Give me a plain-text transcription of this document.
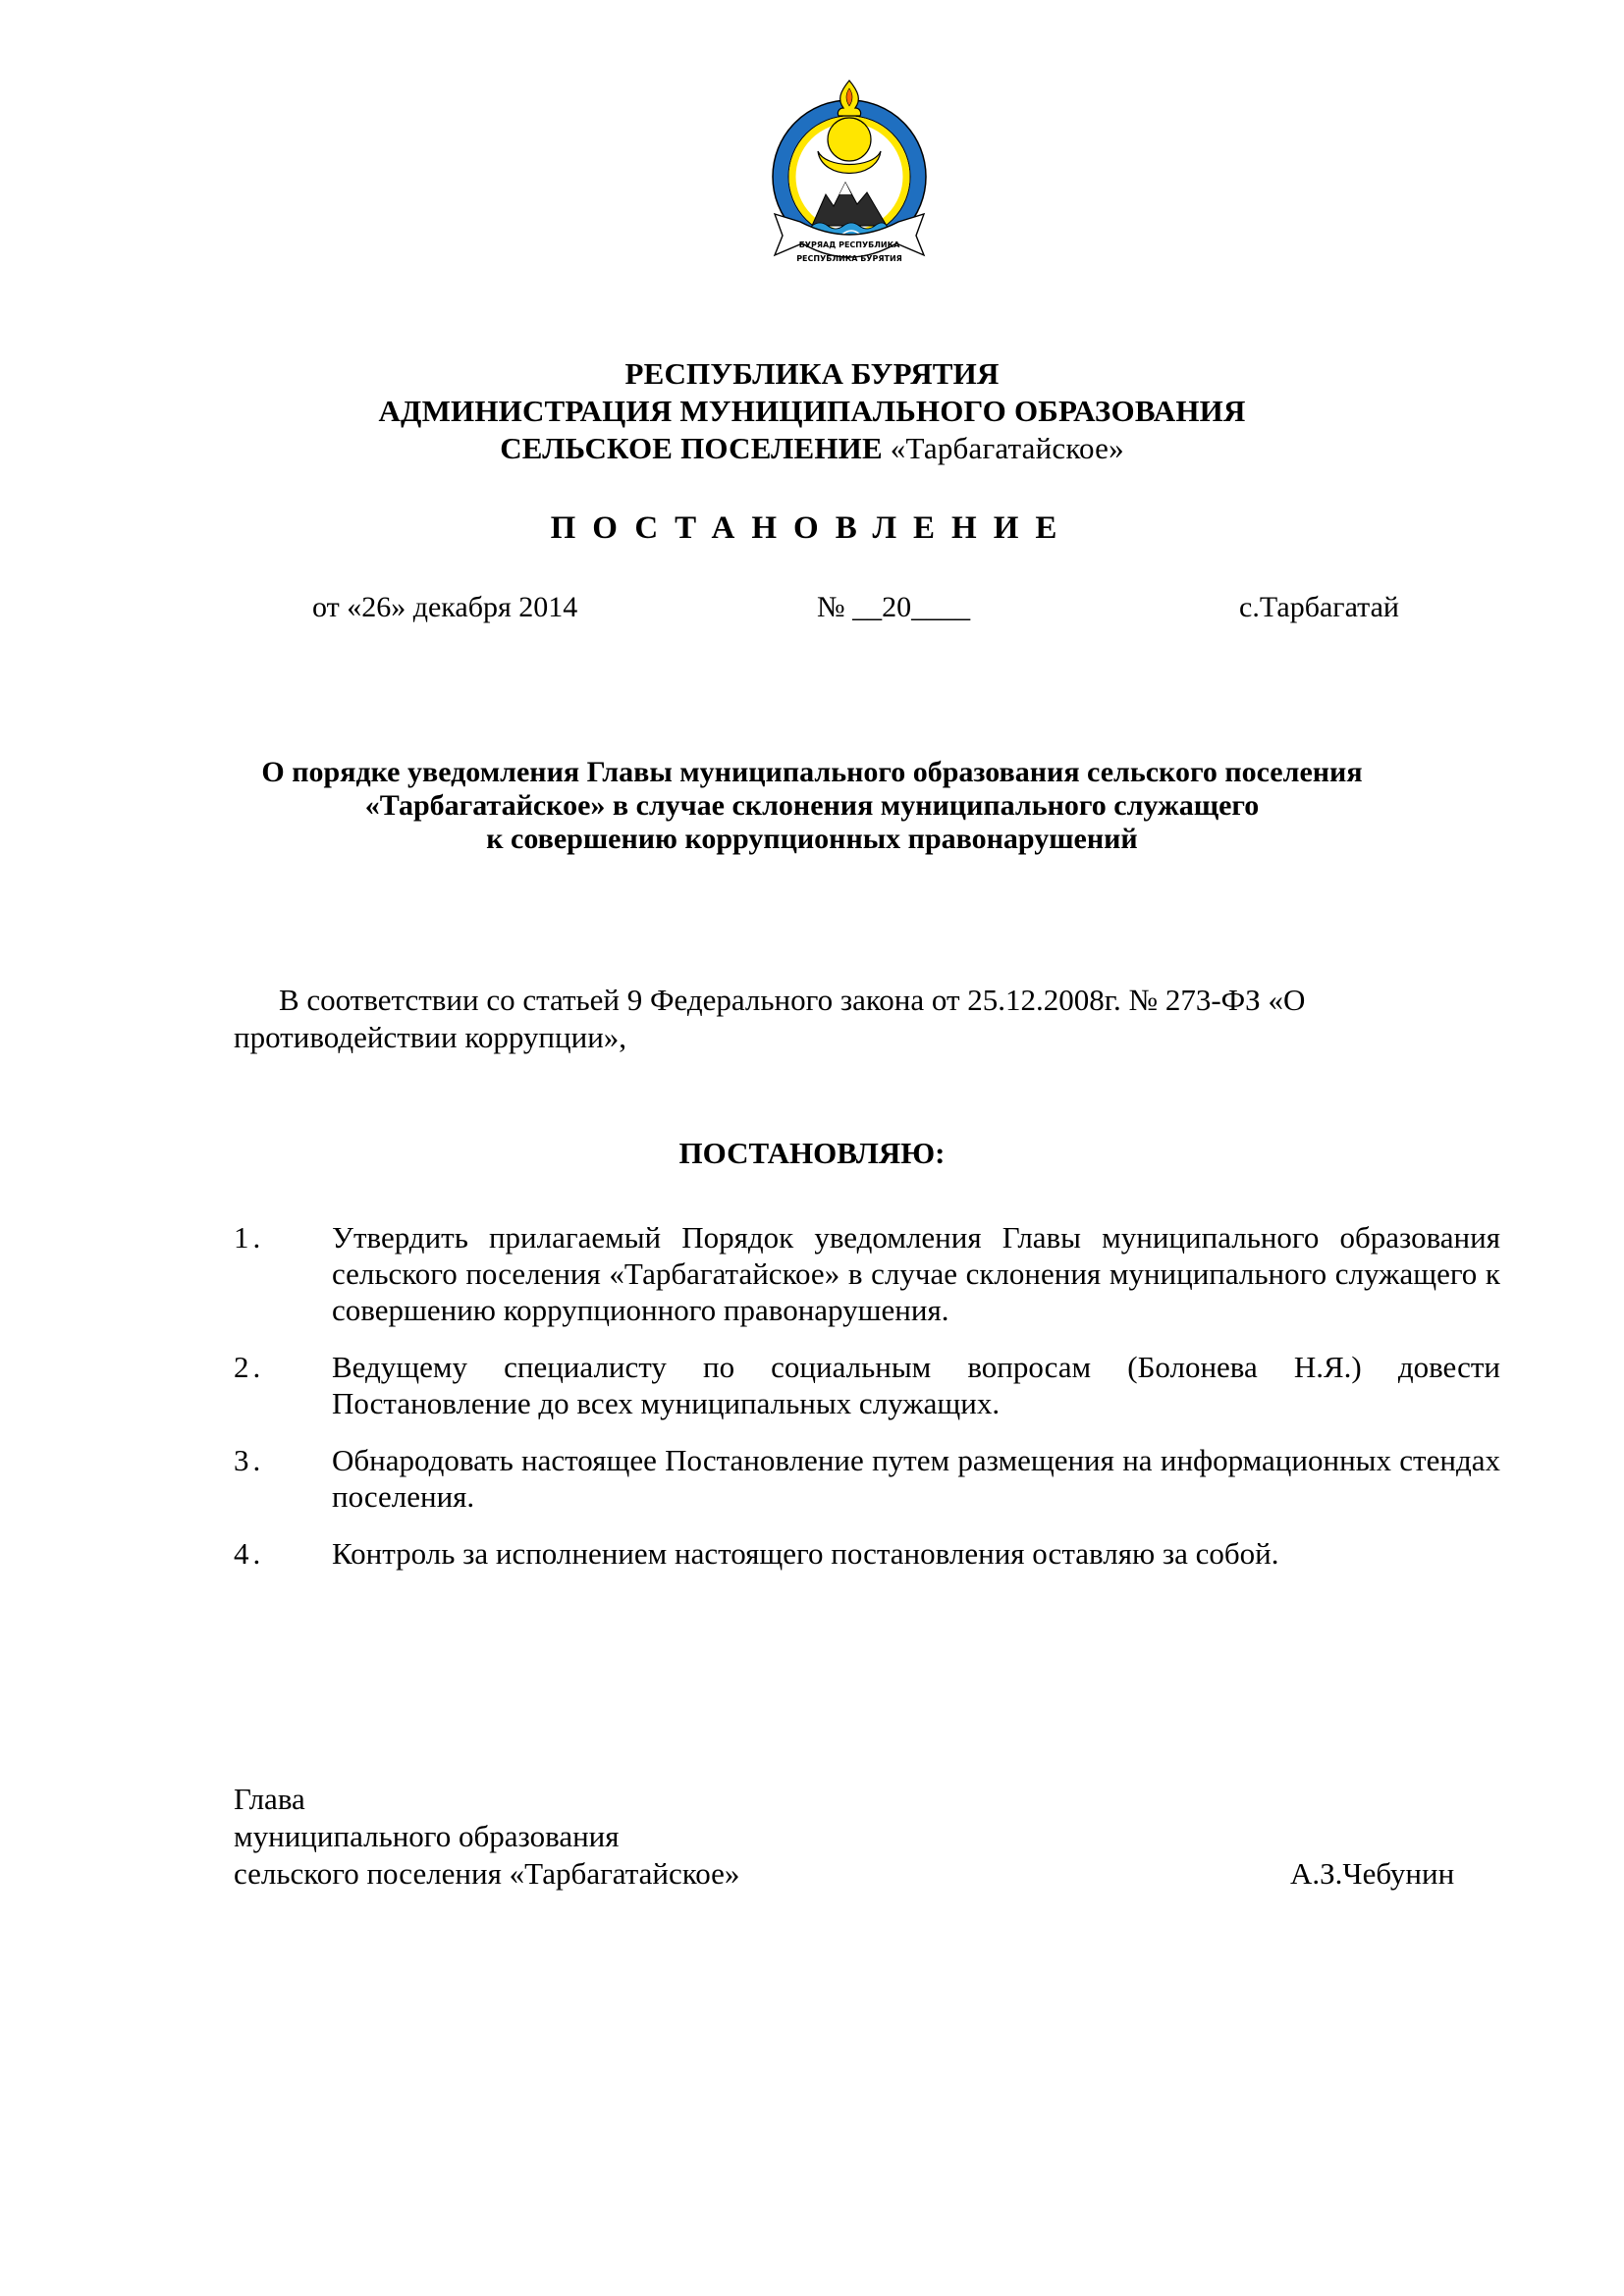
БУРЯАД РЕСПУБЛИКА
РЕСПУБЛИКА БУРЯТИЯ
РЕСПУБЛИКА БУРЯТИЯ
АДМИНИСТРАЦИЯ МУНИЦИПАЛЬНОГО ОБРАЗОВАНИЯ
СЕЛЬСКОЕ ПОСЕЛЕНИЕ «Тарбагатайское»
ПОСТАНОВЛЕНИЕ
от «26» декабря 2014	№ __20____	с.Тарбагатай
О порядке уведомления Главы муниципального образования сельского поселения
«Тарбагатайское» в случае склонения муниципального служащего
к совершению коррупционных правонарушений
В соответствии со статьей 9 Федерального закона от 25.12.2008г. № 273-ФЗ «О
противодействии коррупции»,
ПОСТАНОВЛЯЮ:
1.	Утвердить прилагаемый Порядок уведомления Главы муниципального образования сельского поселения «Тарбагатайское» в случае склонения муниципального служащего к совершению коррупционного правонарушения.
2.	Ведущему специалисту по социальным вопросам (Болонева Н.Я.) довести Постановление до всех муниципальных служащих.
3.	Обнародовать настоящее Постановление путем размещения на информационных стендах поселения.
4.	Контроль за исполнением настоящего постановления оставляю за собой.
Глава
муниципального образования
сельского поселения «Тарбагатайское»	А.З.Чебунин
